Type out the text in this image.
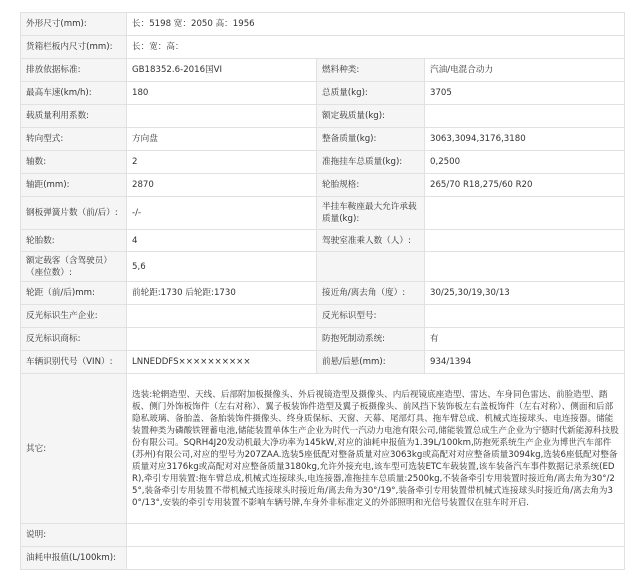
外形尺寸(mm):	长：5198 宽：2050 高：1956		
货箱栏板内尺寸(mm):	长：宽：高：		
排放依据标准:	GB18352.6-2016国VI	燃料种类:	汽油/电混合动力
最高车速(km/h):	180	总质量(kg):	3705
载质量利用系数:		额定载质量(kg):	
转向型式:	方向盘	整备质量(kg):	3063,3094,3176,3180
轴数:	2	准拖挂车总质量(kg):	0,2500
轴距(mm):	2870	轮胎规格:	265/70 R18,275/60 R20
钢板弹簧片数（前/后）:	-/-	半挂车鞍座最大允许承载质量(kg):	
轮胎数:	4	驾驶室准乘人数（人）:	
额定载客（含驾驶员）（座位数）:	5,6		
轮距（前/后)mm:	前轮距:1730 后轮距:1730	接近角/离去角（度）:	30/25,30/19,30/13
反光标识生产企业:		反光标识型号:	
反光标识商标:		防抱死制动系统:	有
车辆识别代号（VIN）:	LNNEDDFS××××××××××	前悬/后悬(mm):	934/1394
其它:	选装:轮辋造型、天线、后部附加板摄像头、外后视镜造型及摄像头、内后视镜底座造型、雷达、车身同色雷达、前脸造型、踏板、侧门外饰板饰件（左右对称）、翼子板装饰件造型及翼子板摄像头、前风挡下装饰板左右盖板饰件（左右对称）、侧面和后部隐私玻璃、备胎盖、备胎装饰件摄像头、终身质保标、天窗、天幕、尾部灯具、拖车臂总成、机械式连接球头、电连接器。储能装置种类为磷酸铁锂蓄电池,储能装置单体生产企业为时代一汽动力电池有限公司,储能装置总成生产企业为宁德时代新能源科技股份有限公司。SQRH4J20发动机最大净功率为145kW,对应的油耗申报值为1.39L/100km,防抱死系统生产企业为博世汽车部件(苏州)有限公司,对应的型号为207ZAA.选装5座低配对整备质量对应3063kg或高配对对应整备质量3094kg,选装6座低配对整备质量对应3176kg或高配对对应整备质量3180kg,允许外接充电,该车型可选装ETC车载装置,该车装备汽车事件数据记录系统(EDR),牵引专用装置:拖车臂总成,机械式连接球头,电连接器,准拖挂车总质量:2500kg,不装备牵引专用装置时接近角/离去角为30°/25°,装备牵引专用装置不带机械式连接球头时接近角/离去角为30°/19°,装备牵引专用装置带机械式连接球头时接近角/离去角为30°/13°,安装的牵引专用装置不影响车辆号牌,车身外非标准定义的外部照明和光信号装置仅在驻车时开启.		
说明:			
油耗申报值(L/100km):			
